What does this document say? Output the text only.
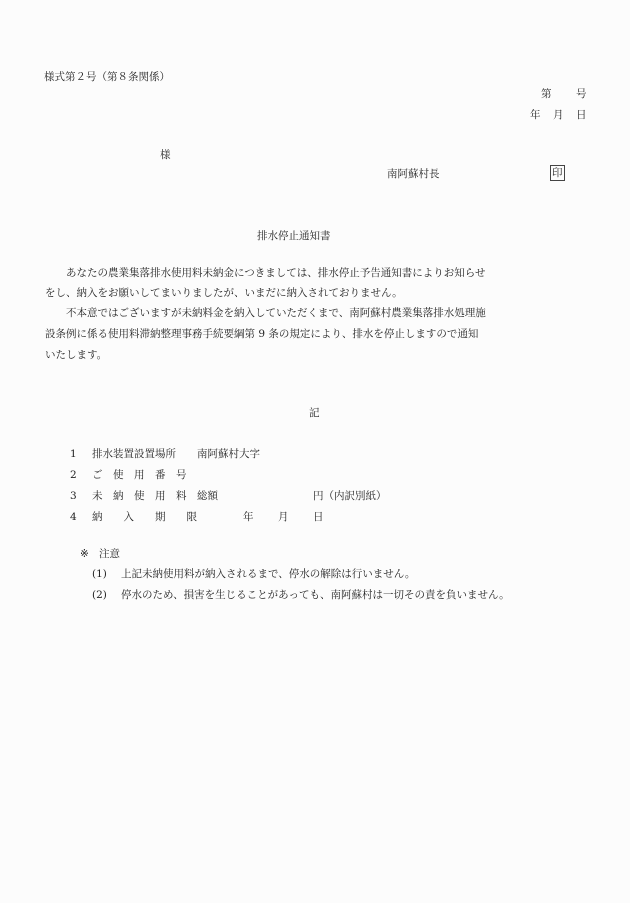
様式第２号（第８条関係）
第 号
年 月 日
様
南阿蘇村長	印
排水停止通知書
あなたの農業集落排水使用料未納金につきましては、排水停止予告通知書によりお知らせ
をし、納入をお願いしてまいりましたが、いまだに納入されておりません。
不本意ではございますが未納料金を納入していただくまで、南阿蘇村農業集落排水処理施
設条例に係る使用料滞納整理事務手続要綱第 9 条の規定により、排水を停止しますので通知
いたします。
記
1 排水装置設置場所 南阿蘇村大字
2 ご　使　用　番　号
3 未　納　使　用　料 総額	円（内訳別紙）
4 納　　入　　期　　限	年 月 日
※ 注意
(1) 上記未納使用料が納入されるまで、停水の解除は行いません。
(2) 停水のため、損害を生じることがあっても、南阿蘇村は一切その責を負いません。
